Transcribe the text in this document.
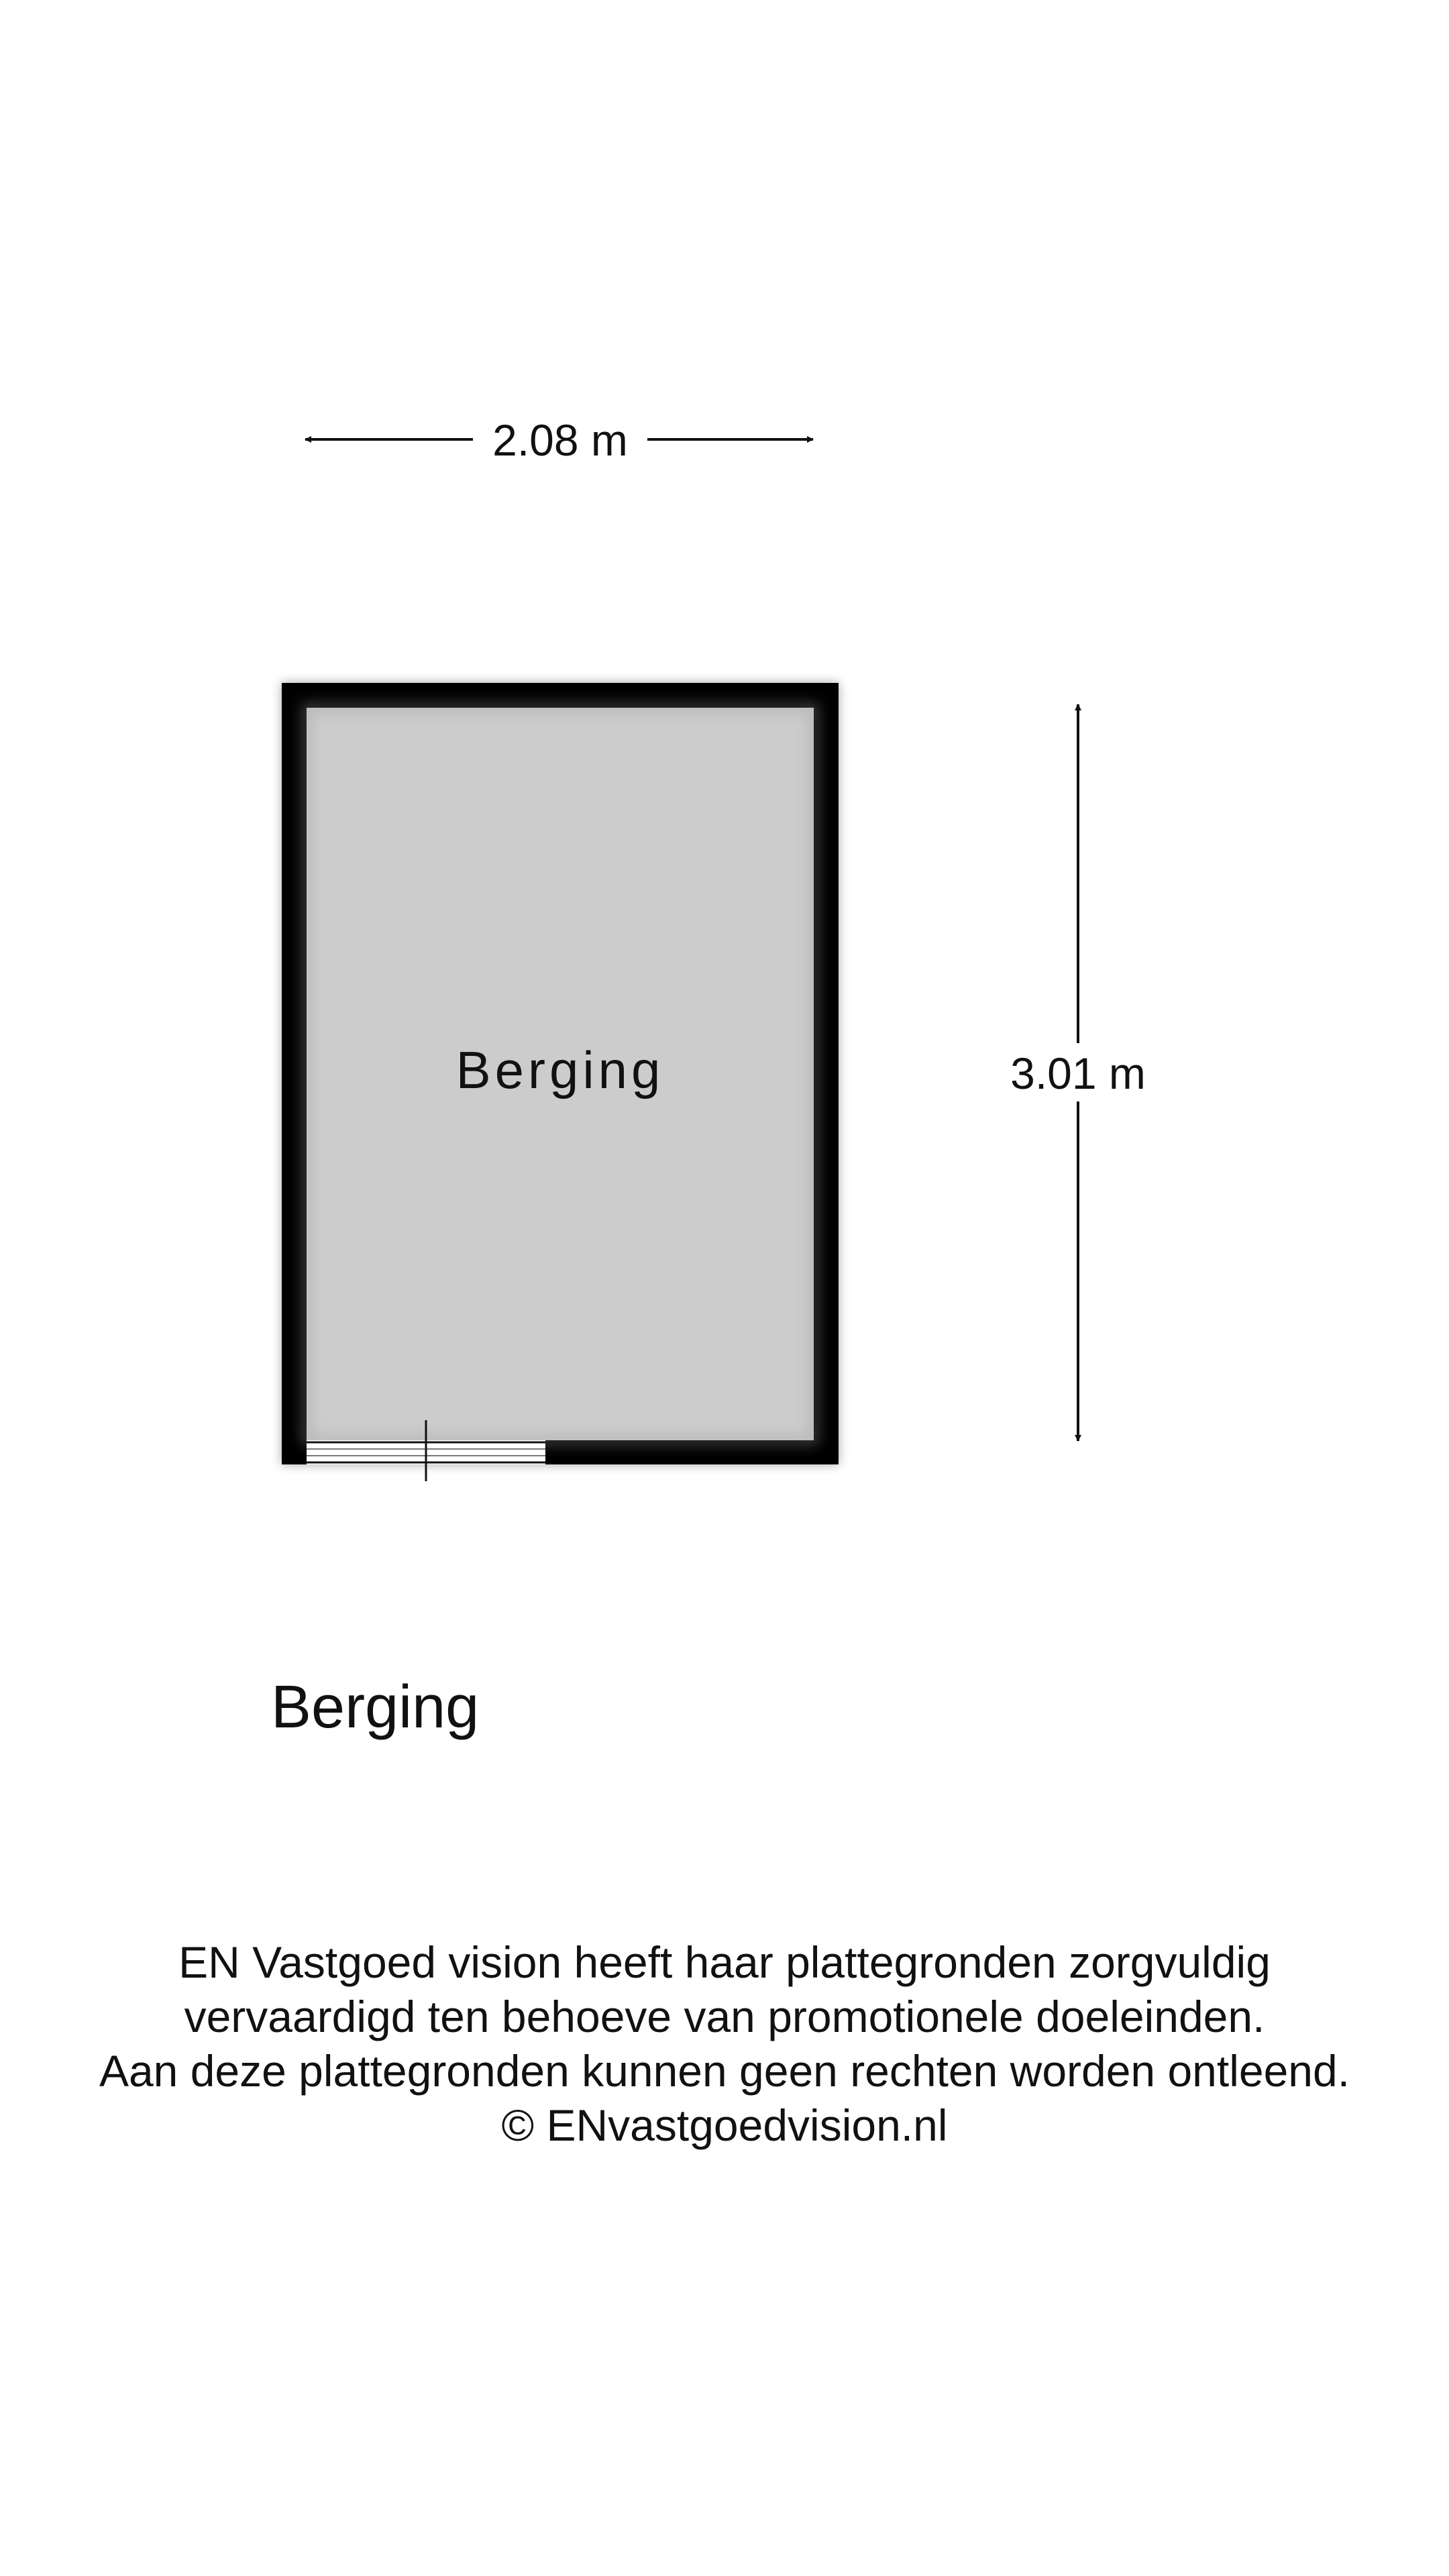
2.08 m
Berging	3.01 m
Berging
EN Vastgoed vision heeft haar plattegronden zorgvuldig
vervaardigd ten behoeve van promotionele doeleinden.
Aan deze plattegronden kunnen geen rechten worden ontleend.
© ENvastgoedvision.nl
